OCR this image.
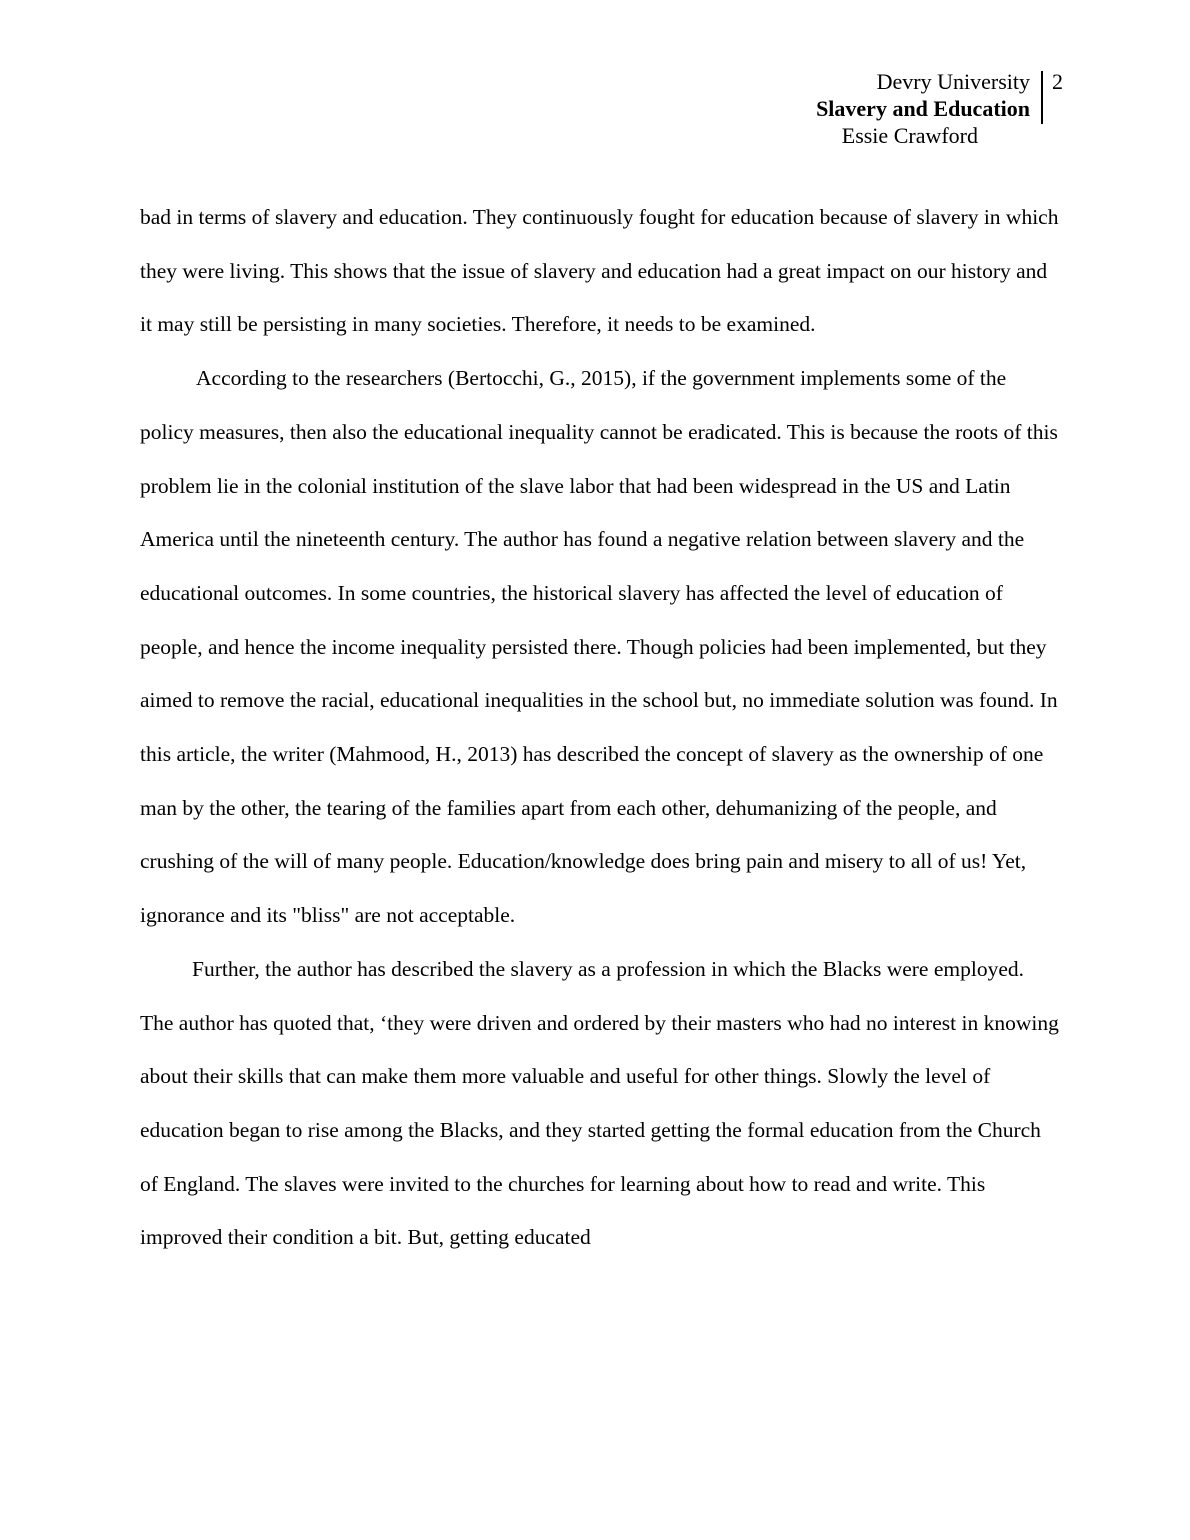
Devry University
Slavery and Education
Essie Crawford
2

bad in terms of slavery and education. They continuously fought for education because of slavery in which they were living. This shows that the issue of slavery and education had a great impact on our history and it may still be persisting in many societies. Therefore, it needs to be examined.

According to the researchers (Bertocchi, G., 2015), if the government implements some of the policy measures, then also the educational inequality cannot be eradicated. This is because the roots of this problem lie in the colonial institution of the slave labor that had been widespread in the US and Latin America until the nineteenth century. The author has found a negative relation between slavery and the educational outcomes. In some countries, the historical slavery has affected the level of education of people, and hence the income inequality persisted there. Though policies had been implemented, but they aimed to remove the racial, educational inequalities in the school but, no immediate solution was found. In this article, the writer (Mahmood, H., 2013) has described the concept of slavery as the ownership of one man by the other, the tearing of the families apart from each other, dehumanizing of the people, and crushing of the will of many people. Education/knowledge does bring pain and misery to all of us! Yet, ignorance and its "bliss" are not acceptable.

Further, the author has described the slavery as a profession in which the Blacks were employed. The author has quoted that, ‘they were driven and ordered by their masters who had no interest in knowing about their skills that can make them more valuable and useful for other things. Slowly the level of education began to rise among the Blacks, and they started getting the formal education from the Church of England. The slaves were invited to the churches for learning about how to read and write. This improved their condition a bit. But, getting educated
